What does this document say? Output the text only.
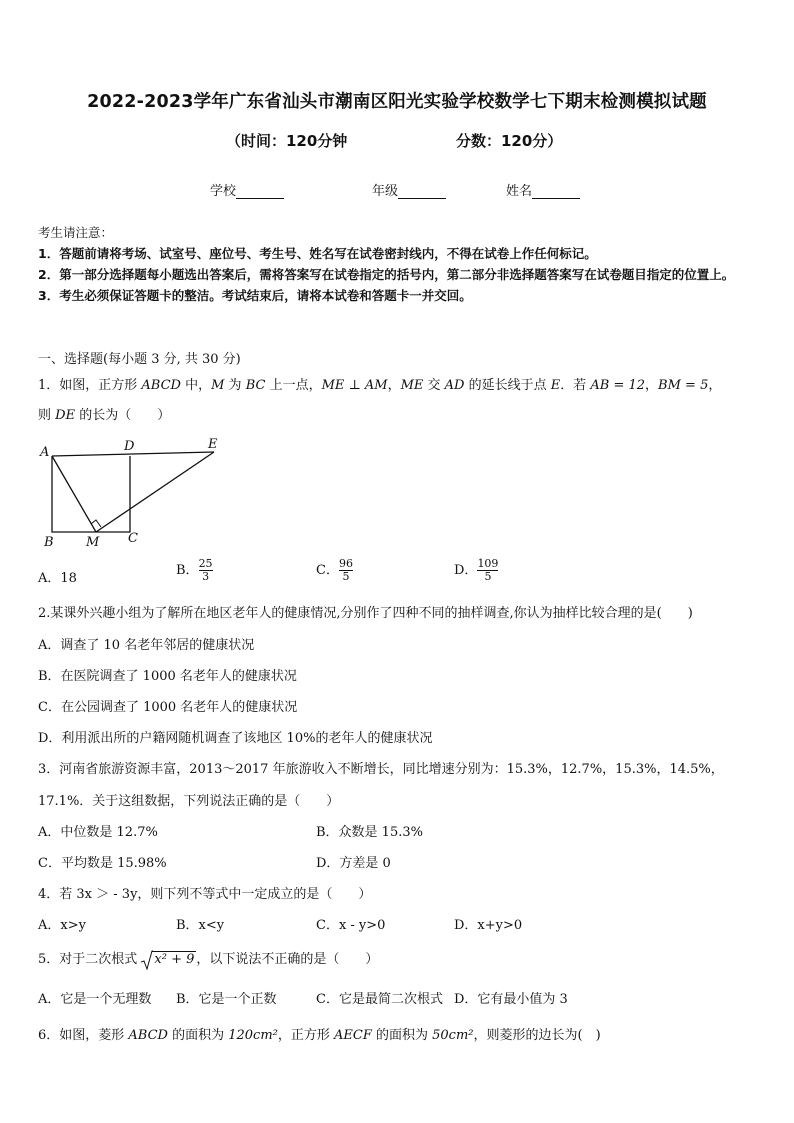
2022-2023学年广东省汕头市潮南区阳光实验学校数学七下期末检测模拟试题
（时间：120分钟	分数：120分）
学校	年级	姓名
考生请注意：
1．答题前请将考场、试室号、座位号、考生号、姓名写在试卷密封线内，不得在试卷上作任何标记。
2．第一部分选择题每小题选出答案后，需将答案写在试卷指定的括号内，第二部分非选择题答案写在试卷题目指定的位置上。
3．考生必须保证答题卡的整洁。考试结束后，请将本试卷和答题卡一并交回。
一、选择题(每小题 3 分, 共 30 分)
1．如图，正方形 ABCD 中，M 为 BC 上一点，ME ⊥ AM，ME 交 AD 的延长线于点 E．若 AB = 12，BM = 5，
则 DE 的长为（　　）
A	D	E
B M C
A．18
B． $\frac{25}{3}$	C． $\frac{96}{5}$	D． $\frac{109}{5}$
2.某课外兴趣小组为了解所在地区老年人的健康情况,分别作了四种不同的抽样调查,你认为抽样比较合理的是(　　)
A．调查了 10 名老年邻居的健康状况
B．在医院调查了 1000 名老年人的健康状况
C．在公园调查了 1000 名老年人的健康状况
D．利用派出所的户籍网随机调查了该地区 10%的老年人的健康状况
3．河南省旅游资源丰富，2013～2017 年旅游收入不断增长，同比增速分别为：15.3%，12.7%，15.3%，14.5%，
17.1%．关于这组数据，下列说法正确的是（　　）
A．中位数是 12.7%	B．众数是 15.3%
C．平均数是 15.98%	D．方差是 0
4．若 3x ＞ - 3y，则下列不等式中一定成立的是（　　）
A．x>y	B．x<y	C．x - y>0	D．x+y>0
5．对于二次根式
x² + 9 ，以下说法不正确的是（　　）
A．它是一个无理数 B．它是一个正数	C．它是最简二次根式 D．它有最小值为 3
6．如图，菱形 ABCD 的面积为 120cm²，正方形 AECF 的面积为 50cm²，则菱形的边长为(　)
